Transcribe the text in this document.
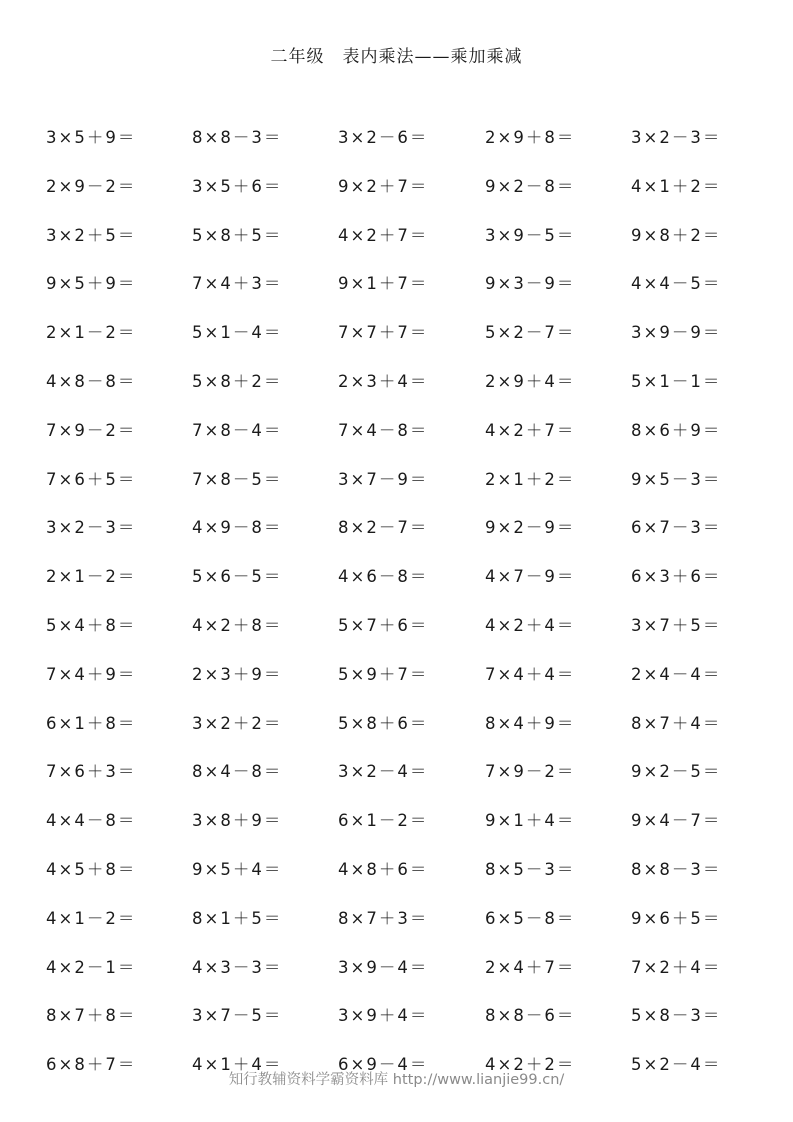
二年级　表内乘法——乘加乘减
3×5＋9＝	8×8－3＝	3×2－6＝	2×9＋8＝	3×2－3＝
2×9－2＝	3×5＋6＝	9×2＋7＝	9×2－8＝	4×1＋2＝
3×2＋5＝	5×8＋5＝	4×2＋7＝	3×9－5＝	9×8＋2＝
9×5＋9＝	7×4＋3＝	9×1＋7＝	9×3－9＝	4×4－5＝
2×1－2＝	5×1－4＝	7×7＋7＝	5×2－7＝	3×9－9＝
4×8－8＝	5×8＋2＝	2×3＋4＝	2×9＋4＝	5×1－1＝
7×9－2＝	7×8－4＝	7×4－8＝	4×2＋7＝	8×6＋9＝
7×6＋5＝	7×8－5＝	3×7－9＝	2×1＋2＝	9×5－3＝
3×2－3＝	4×9－8＝	8×2－7＝	9×2－9＝	6×7－3＝
2×1－2＝	5×6－5＝	4×6－8＝	4×7－9＝	6×3＋6＝
5×4＋8＝	4×2＋8＝	5×7＋6＝	4×2＋4＝	3×7＋5＝
7×4＋9＝	2×3＋9＝	5×9＋7＝	7×4＋4＝	2×4－4＝
6×1＋8＝	3×2＋2＝	5×8＋6＝	8×4＋9＝	8×7＋4＝
7×6＋3＝	8×4－8＝	3×2－4＝	7×9－2＝	9×2－5＝
4×4－8＝	3×8＋9＝	6×1－2＝	9×1＋4＝	9×4－7＝
4×5＋8＝	9×5＋4＝	4×8＋6＝	8×5－3＝	8×8－3＝
4×1－2＝	8×1＋5＝	8×7＋3＝	6×5－8＝	9×6＋5＝
4×2－1＝	4×3－3＝	3×9－4＝	2×4＋7＝	7×2＋4＝
8×7＋8＝	3×7－5＝	3×9＋4＝	8×8－6＝	5×8－3＝
6×8＋7＝	4×1＋4＝	6×9－4＝	4×2＋2＝	5×2－4＝
知行教辅资料学霸资料库 http://www.lianjie99.cn/
